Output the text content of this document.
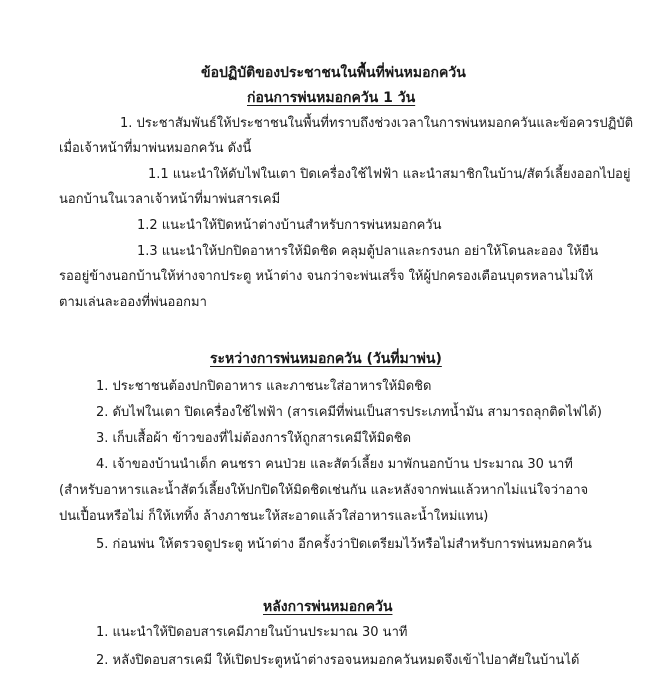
ข้อปฏิบัติของประชาชนในพื้นที่พ่นหมอกควัน
ก่อนการพ่นหมอกควัน 1 วัน
1. ประชาสัมพันธ์ให้ประชาชนในพื้นที่ทราบถึงช่วงเวลาในการพ่นหมอกควันและข้อควรปฏิบัติ
เมื่อเจ้าหน้าที่มาพ่นหมอกควัน ดังนี้
1.1 แนะนำให้ดับไฟในเตา ปิดเครื่องใช้ไฟฟ้า และนำสมาชิกในบ้าน/สัตว์เลี้ยงออกไปอยู่
นอกบ้านในเวลาเจ้าหน้าที่มาพ่นสารเคมี
1.2 แนะนำให้ปิดหน้าต่างบ้านสำหรับการพ่นหมอกควัน
1.3 แนะนำให้ปกปิดอาหารให้มิดชิด คลุมตู้ปลาและกรงนก อย่าให้โดนละออง ให้ยืน
รออยู่ข้างนอกบ้านให้ห่างจากประตู หน้าต่าง จนกว่าจะพ่นเสร็จ ให้ผู้ปกครองเตือนบุตรหลานไม่ให้
ตามเล่นละอองที่พ่นออกมา
ระหว่างการพ่นหมอกควัน (วันที่มาพ่น)
1. ประชาชนต้องปกปิดอาหาร และภาชนะใส่อาหารให้มิดชิด
2. ดับไฟในเตา ปิดเครื่องใช้ไฟฟ้า (สารเคมีที่พ่นเป็นสารประเภทน้ำมัน สามารถลุกติดไฟได้)
3. เก็บเสื้อผ้า ข้าวของที่ไม่ต้องการให้ถูกสารเคมีให้มิดชิด
4. เจ้าของบ้านนำเด็ก คนชรา คนป่วย และสัตว์เลี้ยง มาพักนอกบ้าน ประมาณ 30 นาที
(สำหรับอาหารและน้ำสัตว์เลี้ยงให้ปกปิดให้มิดชิดเช่นกัน และหลังจากพ่นแล้วหากไม่แน่ใจว่าอาจ
ปนเปื้อนหรือไม่ ก็ให้เททิ้ง ล้างภาชนะให้สะอาดแล้วใส่อาหารและน้ำใหม่แทน)
5. ก่อนพ่น ให้ตรวจดูประตู หน้าต่าง อีกครั้งว่าปิดเตรียมไว้หรือไม่สำหรับการพ่นหมอกควัน
หลังการพ่นหมอกควัน
1. แนะนำให้ปิดอบสารเคมีภายในบ้านประมาณ 30 นาที
2. หลังปิดอบสารเคมี ให้เปิดประตูหน้าต่างรอจนหมอกควันหมดจึงเข้าไปอาศัยในบ้านได้
